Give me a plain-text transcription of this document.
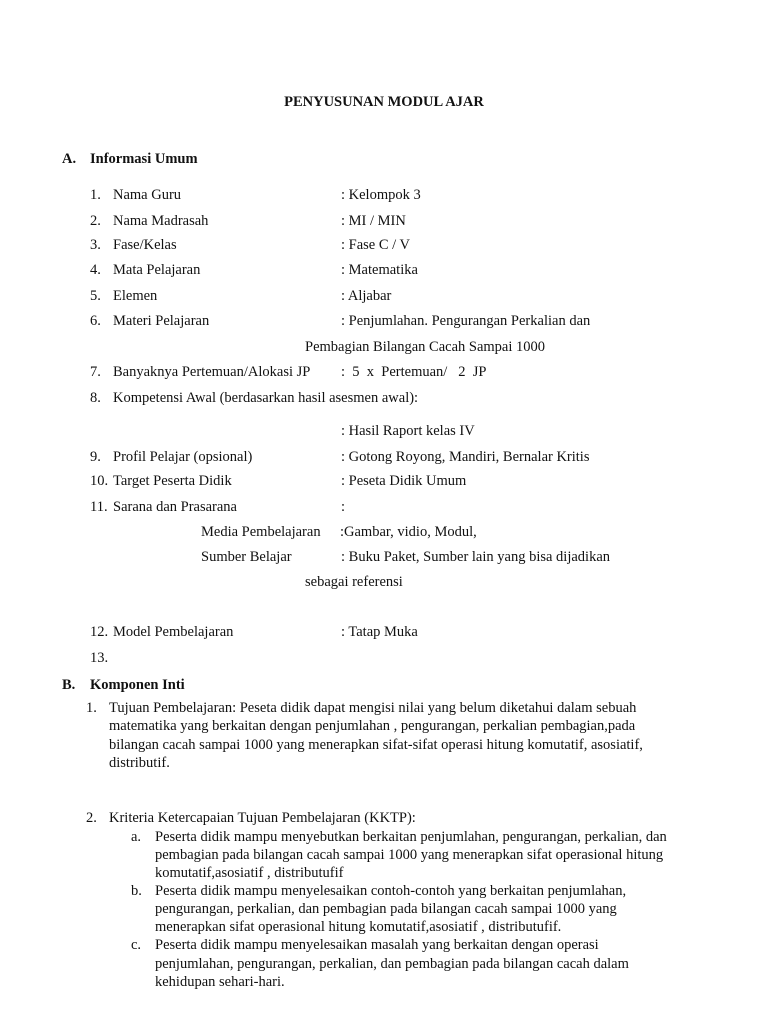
PENYUSUNAN MODUL AJAR
A. Informasi Umum
1. Nama Guru	: Kelompok 3
2. Nama Madrasah	: MI / MIN
3. Fase/Kelas	: Fase C / V
4. Mata Pelajaran	: Matematika
5. Elemen	: Aljabar
6. Materi Pelajaran	: Penjumlahan. Pengurangan Perkalian dan
Pembagian Bilangan Cacah Sampai 1000
7. Banyaknya Pertemuan/Alokasi JP :  5  x  Pertemuan/   2  JP
8. Kompetensi Awal (berdasarkan hasil asesmen awal):
: Hasil Raport kelas IV
9. Profil Pelajar (opsional)	: Gotong Royong, Mandiri, Bernalar Kritis
10. Target Peserta Didik	: Peseta Didik Umum
11. Sarana dan Prasarana	:
Media Pembelajaran :Gambar, vidio, Modul,
Sumber Belajar	: Buku Paket, Sumber lain yang bisa dijadikan
sebagai referensi
12. Model Pembelajaran	: Tatap Muka
13.
B. Komponen Inti
1. Tujuan Pembelajaran: Peseta didik dapat mengisi nilai yang belum diketahui dalam sebuah
matematika yang berkaitan dengan penjumlahan , pengurangan, perkalian pembagian,pada
bilangan cacah sampai 1000 yang menerapkan sifat-sifat operasi hitung komutatif, asosiatif,
distributif.
2. Kriteria Ketercapaian Tujuan Pembelajaran (KKTP):
a. Peserta didik mampu menyebutkan berkaitan penjumlahan, pengurangan, perkalian, dan
pembagian pada bilangan cacah sampai 1000 yang menerapkan sifat operasional hitung
komutatif,asosiatif , distributufif
b. Peserta didik mampu menyelesaikan contoh-contoh yang berkaitan penjumlahan,
pengurangan, perkalian, dan pembagian pada bilangan cacah sampai 1000 yang
menerapkan sifat operasional hitung komutatif,asosiatif , distributufif.
c. Peserta didik mampu menyelesaikan masalah yang berkaitan dengan operasi
penjumlahan, pengurangan, perkalian, dan pembagian pada bilangan cacah dalam
kehidupan sehari-hari.
